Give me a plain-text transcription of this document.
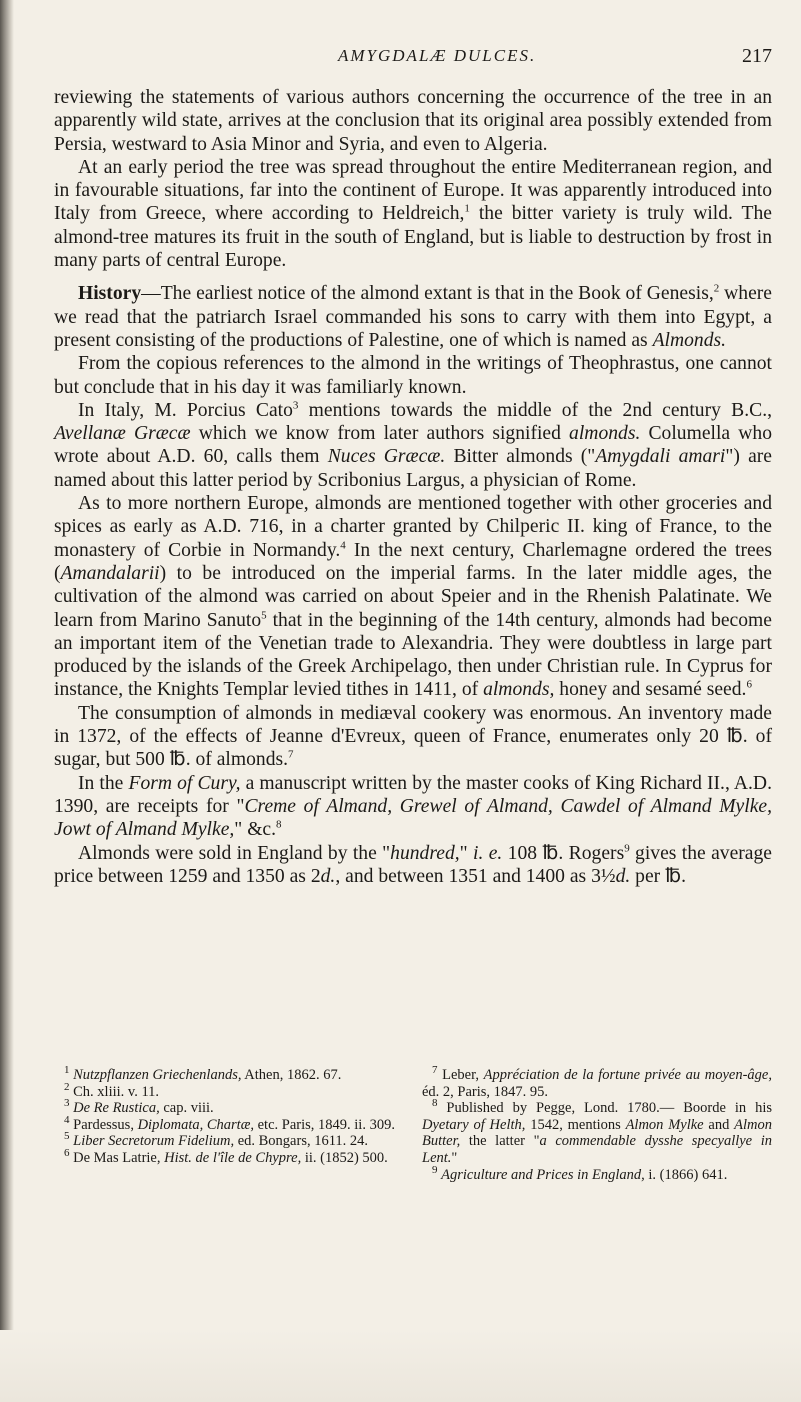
AMYGDALÆ DULCES.	217

reviewing the statements of various authors concerning the occurrence of the tree in an apparently wild state, arrives at the conclusion that its original area possibly extended from Persia, westward to Asia Minor and Syria, and even to Algeria.

At an early period the tree was spread throughout the entire Mediterranean region, and in favourable situations, far into the continent of Europe. It was apparently introduced into Italy from Greece, where according to Heldreich,$^1$ the bitter variety is truly wild. The almond-tree matures its fruit in the south of England, but is liable to destruction by frost in many parts of central Europe.

History—The earliest notice of the almond extant is that in the Book of Genesis,$^2$ where we read that the patriarch Israel commanded his sons to carry with them into Egypt, a present consisting of the productions of Palestine, one of which is named as Almonds.

From the copious references to the almond in the writings of Theophrastus, one cannot but conclude that in his day it was familiarly known.

In Italy, M. Porcius Cato$^3$ mentions towards the middle of the 2nd century B.C., Avellanæ Græcæ which we know from later authors signified almonds. Columella who wrote about A.D. 60, calls them Nuces Græcæ. Bitter almonds ("Amygdali amari") are named about this latter period by Scribonius Largus, a physician of Rome.

As to more northern Europe, almonds are mentioned together with other groceries and spices as early as A.D. 716, in a charter granted by Chilperic II. king of France, to the monastery of Corbie in Normandy.$^4$ In the next century, Charlemagne ordered the trees (Amandalarii) to be introduced on the imperial farms. In the later middle ages, the cultivation of the almond was carried on about Speier and in the Rhenish Palatinate. We learn from Marino Sanuto$^5$ that in the beginning of the 14th century, almonds had become an important item of the Venetian trade to Alexandria. They were doubtless in large part produced by the islands of the Greek Archipelago, then under Christian rule. In Cyprus for instance, the Knights Templar levied tithes in 1411, of almonds, honey and sesamé seed.$^6$

The consumption of almonds in mediæval cookery was enormous. An inventory made in 1372, of the effects of Jeanne d'Evreux, queen of France, enumerates only 20 ℔. of sugar, but 500 ℔. of almonds.$^7$

In the Form of Cury, a manuscript written by the master cooks of King Richard II., A.D. 1390, are receipts for "Creme of Almand, Grewel of Almand, Cawdel of Almand Mylke, Jowt of Almand Mylke," &c.$^8$

Almonds were sold in England by the "hundred," i. e. 108 ℔. Rogers$^9$ gives the average price between 1259 and 1350 as 2d., and between 1351 and 1400 as 3½d. per ℔.

$^1$ Nutzpflanzen Griechenlands, Athen, 1862. 67.

$^2$ Ch. xliii. v. 11.

$^3$ De Re Rustica, cap. viii.

$^4$ Pardessus, Diplomata, Chartæ, etc. Paris, 1849. ii. 309.

$^5$ Liber Secretorum Fidelium, ed. Bongars, 1611. 24.

$^6$ De Mas Latrie, Hist. de l'île de Chypre, ii. (1852) 500.

$^7$ Leber, Appréciation de la fortune privée au moyen-âge, éd. 2, Paris, 1847. 95.

$^8$ Published by Pegge, Lond. 1780.— Boorde in his Dyetary of Helth, 1542, mentions Almon Mylke and Almon Butter, the latter "a commendable dysshe specyallye in Lent."

$^9$ Agriculture and Prices in England, i. (1866) 641.
